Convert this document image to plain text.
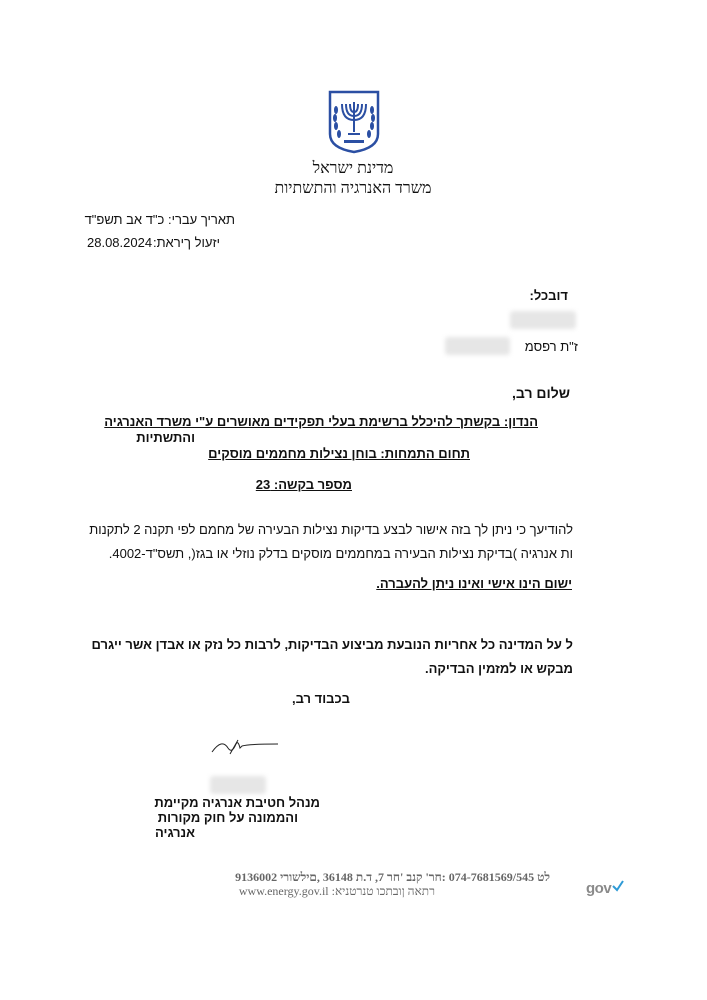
מדינת ישראל
משרד האנרגיה והתשתיות
תאריך עברי: כ"ד אב תשפ"ד
28.08.2024 יזעול ךיראת:
דובכל:
ז"ת רפסמ
שלום רב,
הנדון: בקשתך להיכלל ברשימת בעלי תפקידים מאושרים ע"י משרד האנרגיה
והתשתיות
תחום התמחות: בוחן נצילות מחממים מוסקים
מספר בקשה: 23
להודיעך כי ניתן לך בזה אישור לבצע בדיקות נצילות הבעירה של מחמם לפי תקנה 2 לתקנות
ות אנרגיה )בדיקת נצילות הבעירה במחממים מוסקים בדלק נוזלי או בגז(, תשס"ד-4002.
ישום הינו אישי ואינו ניתן להעברה.
ל על המדינה כל אחריות הנובעת מביצוע הבדיקות, לרבות כל נזק או אבדן אשר ייגרם
מבקש או למזמין הבדיקה.
בכבוד רב,
מנהל חטיבת אנרגיה מקיימת
והממונה על חוק מקורות
אנרגיה
לט 074-7681569/545 :חר' קנב 'חר 7, ד.ת 36148 ,םילשורי 9136002
www.energy.gov.il :רתאה ןובתכו טנרטניא	gov
